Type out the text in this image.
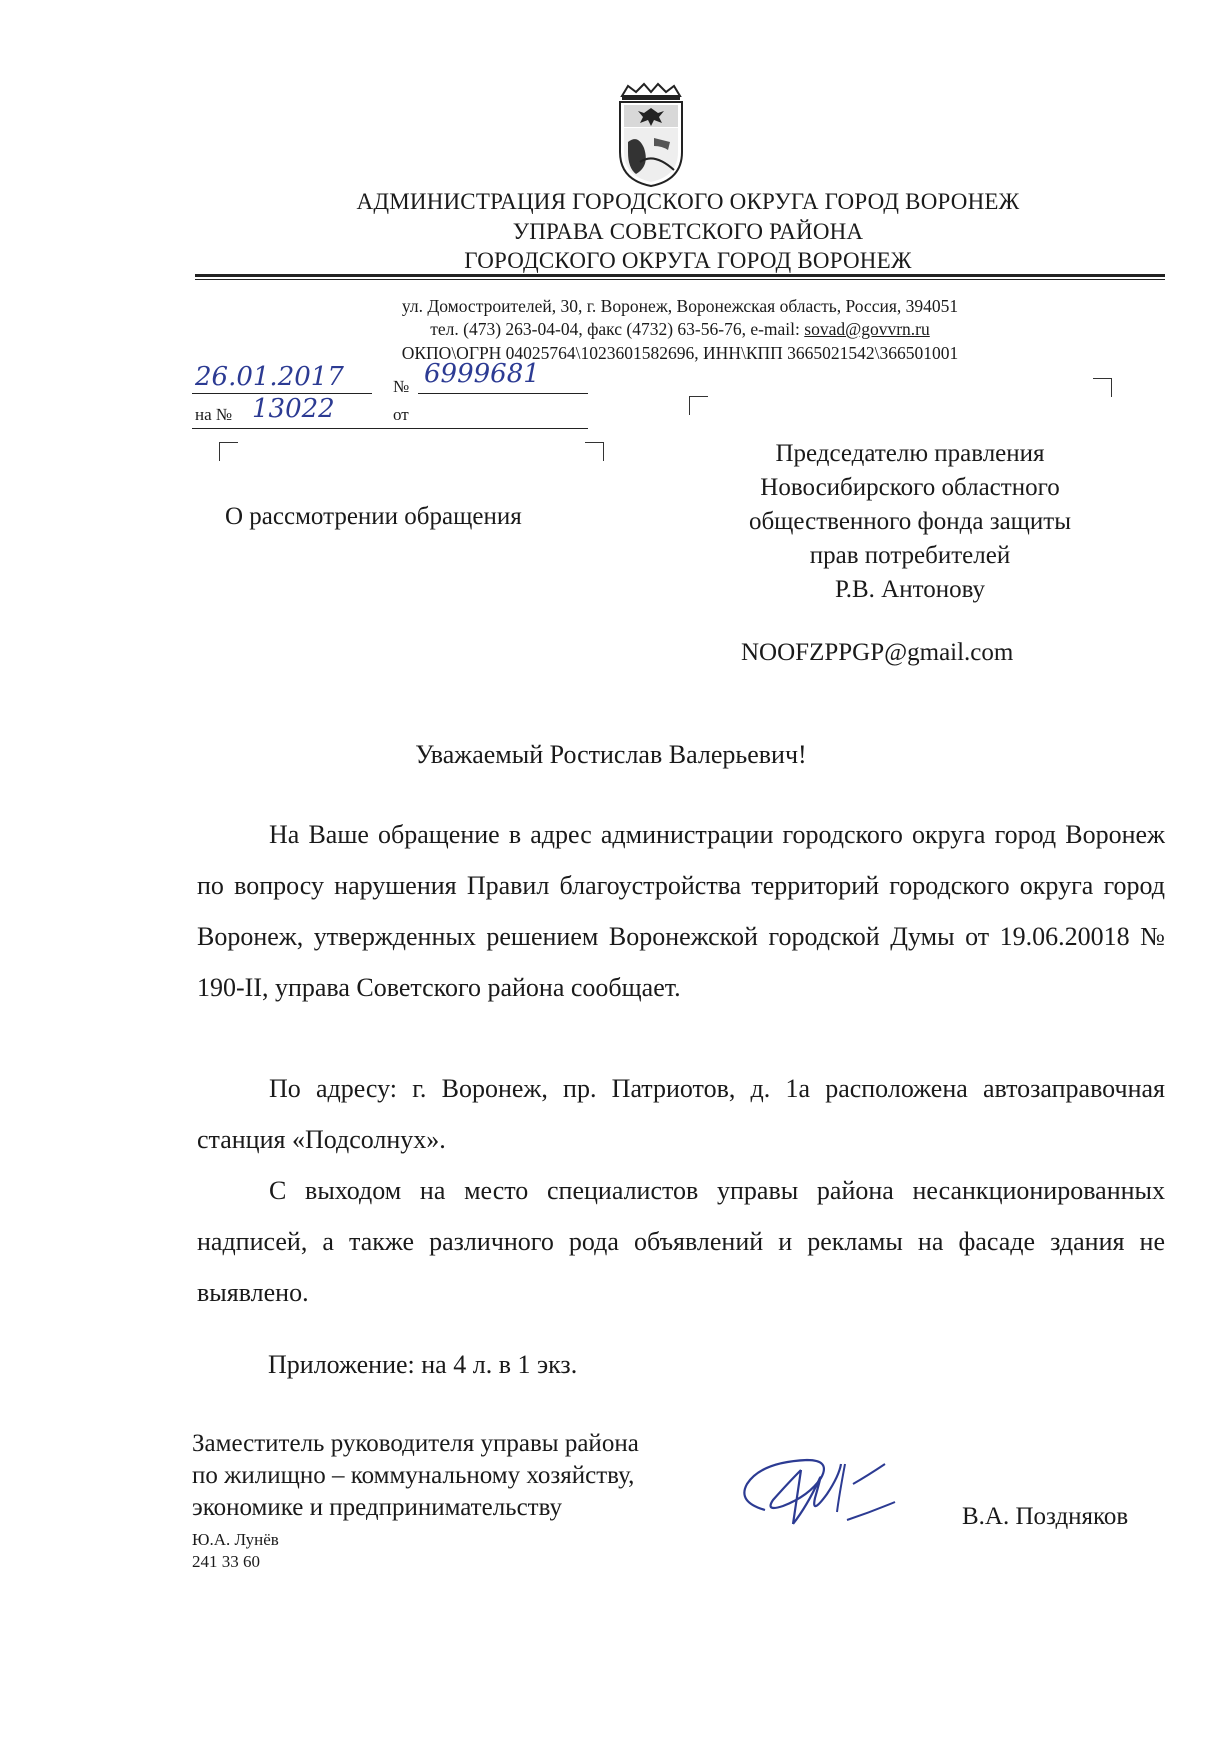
АДМИНИСТРАЦИЯ ГОРОДСКОГО ОКРУГА ГОРОД ВОРОНЕЖ
УПРАВА СОВЕТСКОГО РАЙОНА
ГОРОДСКОГО ОКРУГА ГОРОД ВОРОНЕЖ
ул. Домостроителей, 30, г. Воронеж, Воронежская область, Россия, 394051
тел. (473) 263-04-04, факс (4732) 63-56-76, e-mail: sovad@govvrn.ru
ОКПО\ОГРН 04025764\1023601582696, ИНН\КПП 3665021542\366501001
26.01.2017	№ 6999681
на № 13022	от
О рассмотрении обращения
Председателю правления
Новосибирского областного
общественного фонда защиты
прав потребителей
Р.В. Антонову
NOOFZPPGP@gmail.com
Уважаемый Ростислав Валерьевич!
На Ваше обращение в адрес администрации городского округа город Воронеж по вопросу нарушения Правил благоустройства территорий городского округа город Воронеж, утвержденных решением Воронежской городской Думы от 19.06.20018 № 190-II, управа Советского района сообщает.
По адресу: г. Воронеж, пр. Патриотов, д. 1а расположена автозаправочная станция «Подсолнух».
С выходом на место специалистов управы района несанкционированных надписей, а также различного рода объявлений и рекламы на фасаде здания не выявлено.
Приложение: на 4 л. в 1 экз.
Заместитель руководителя управы района
по жилищно – коммунальному хозяйству,
экономике и предпринимательству	В.А. Поздняков
Ю.А. Лунёв
241 33 60
